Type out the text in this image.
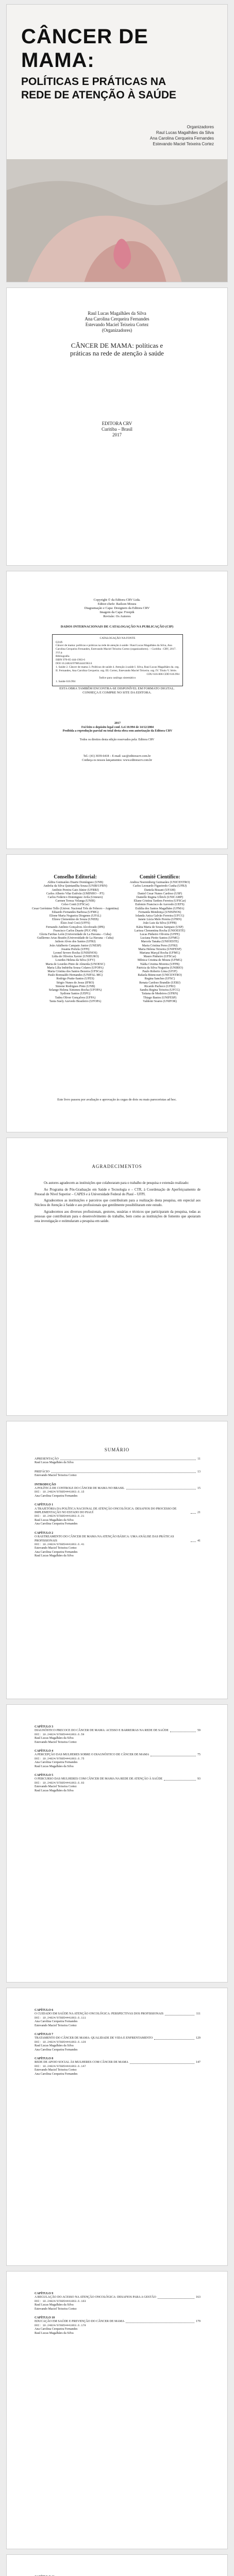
CÂNCER DE
MAMA:
POLÍTICAS E PRÁTICAS NA
REDE DE ATENÇÃO À SAÚDE
Organizadores
Raul Lucas Magalhães da Silva
Ana Carolina Cerqueira Fernandes
Estevando Maciel Teixeira Cortez
Raul Lucas Magalhães da Silva
Ana Carolina Cerqueira Fernandes
Estevando Maciel Teixeira Cortez
(Organizadores)
CÂNCER DE MAMA: políticas e
práticas na rede de atenção à saúde
EDITORA CRV
Curitiba – Brasil
2017
Copyright © da Editora CRV Ltda.
Editor-chefe: Railson Moura
Diagramação e Capa: Designers da Editora CRV
Imagem da Capa: Freepik
Revisão: Os Autores
DADOS INTERNACIONAIS DE CATALOGAÇÃO NA PUBLICAÇÃO (CIP)
CATALOGAÇÃO NA FONTE
C215
Câncer de mama: políticas e práticas na rede de atenção à saúde / Raul Lucas Magalhães da Silva, Ana Carolina Cerqueira Fernandes, Estevando Maciel Teixeira Cortez (organizadores). – Curitiba : CRV, 2017.
212 p.
Bibliografia
ISBN 978-85-444-1963-6
DOI 10.24824/978854441963.6
1. Saúde 2. Câncer de mama 3. Políticas de saúde 4. Atenção à saúde I. Silva, Raul Lucas Magalhães da. org. II. Fernandes, Ana Carolina Cerqueira. org. III. Cortez, Estevando Maciel Teixeira. org. IV. Título V. Série.
CDU 616-006 CDD 616.994
Índice para catálogo sistemático
1. Saúde 616.994
ESTA OBRA TAMBÉM ENCONTRA-SE DISPONÍVEL EM FORMATO DIGITAL.
CONHEÇA E COMPRE NO SITE DA EDITORA.
2017
Foi feito o depósito legal conf. Lei 10.994 de 14/12/2004
Proibida a reprodução parcial ou total desta obra sem autorização da Editora CRV
Todos os direitos desta edição reservados pela: Editora CRV
Tel.: (41) 3039-6418 – E-mail: sac@editoracrv.com.br
Conheça os nossos lançamentos: www.editoracrv.com.br
Conselho Editorial:
Aldira Guimarães Duarte Domínguez (UNB)
Andréia da Silva Quintanilha Sousa (UNIR/UFRN)
Antônio Pereira Gaio Júnior (UFRRJ)
Carlos Alberto Vilar Estêvão (UMINHO – PT)
Carlos Federico Dominguez Avila (Unieuro)
Carmen Tereza Velanga (UNIR)
Celso Conti (UFSCar)
Cesar Gerónimo Tello (Univer. Nacional Três de Febrero – Argentina)
Eduardo Fernandes Barbosa (UFMG)
Elione Maria Nogueira Diogenes (UFAL)
Elizeu Clementino de Souza (UNEB)
Élsio José Corá (UFFS)
Fernando Antônio Gonçalves Alcoforado (IPB)
Francisco Carlos Duarte (PUC-PR)
Gloria Fariñas León (Universidade de La Havana – Cuba)
Guillermo Arias Beatón (Universidade de La Havana – Cuba)
Jailson Alves dos Santos (UFRJ)
João Adalberto Campato Junior (UNESP)
Josania Portela (UFPI)
Leonel Severo Rocha (UNISINOS)
Lídia de Oliveira Xavier (UNIEURO)
Lourdes Helena da Silva (UFV)
Maria de Lourdes Pinto de Almeida (UNOESC)
Maria Lília Imbiriba Sousa Colares (UFOPA)
Maria Cristina dos Santos Bezerra (UFSCar)
Paulo Romualdo Hernandes (UNIFAL-MG)
Rodrigo Pratte-Santos (UFES)
Sérgio Nunes de Jesus (IFRO)
Simone Rodrigues Pinto (UNB)
Solange Helena Ximenes-Rocha (UFOPA)
Sydione Santos (UEPG)
Tadeu Oliver Gonçalves (UFPA)
Tania Suely Azevedo Brasileiro (UFOPA)
Comitê Científico:
Andrea Noeremberg Guimarães (UNICENTRO)
Carlos Leonardo Figueiredo Cunha (UFRJ)
Daniela Bissani (UFAM)
Daniel Cesar Nunes Cardoso (USP)
Danielle Regina Ullrich (UNICAMP)
Eliane Cristina Tardem Ferreira (UFSCar)
Eufemio Francisco de Azevedo (UEFS)
Eulália dos Santos Magalhães (UFMA)
Fernanda Mendonça (UNISINOS)
Iolanda Anica Galvão Ferreira (UFCG)
Janete Lúcia Melo Pereira (UFRN)
João Luiz da Silva (UFPB)
Kátia Maria de Souza Sampaio (USP)
Larissa Clementina Rocha (UNIOESTE)
Lucas Pinheiro Oliveira (UFPE)
Luciana Piotto Santos (UFMG)
Marcela Tanaka (UNIOESTE)
Maria Cristina Peres (UFRJ)
Maria Helena Teixeira (UNIFESP)
Mariana Marçal Rocha (UFMG)
Mauro Pinheiro (UFSCar)
Mônica Cristina de Moura (UFMG)
Nádia Cristina Moreira (UFPB)
Patricia da Silva Nogueira (UNIRIO)
Paulo Roberto Lima (UFJF)
Rafaela Bitencourt (UNICENTRO)
Regina Sanches (UFSC)
Renata Cardoso Brandão (UERJ)
Ricardo Pacheco (UFRJ)
Sandra Regina Teixeira (UFCG)
Tatiana de Medeiros (UFRN)
Thiago Bastos (UNIFESP)
Valdenir Soares (UNIFOR)
Este livro passou por avaliação e aprovação às cegas de dois ou mais pareceristas ad hoc.
AGRADECIMENTOS

Os autores agradecem as instituições que colaboraram para o trabalho de pesquisa e extensão realizado:

Ao Programa de Pós-Graduação em Saúde e Tecnologia e – CTR, à Coordenação de Aperfeiçoamento de Pessoal de Nível Superior – CAPES e à Universidade Federal do Piauí – UFPI.

Agradecemos as instituições e parceiros que contribuíram para a realização desta pesquisa, em especial aos Núcleos de Atenção à Saúde e aos profissionais que gentilmente possibilitaram este estudo.

Agradecemos aos diversos profissionais, gestores, usuárias e técnicos que participaram da pesquisa, todas as pessoas que contribuíram para o desenvolvimento do trabalho, bem como as instituições de fomento que apoiaram esta investigação e estimularam a pesquisa em saúde.

SUMÁRIO
APRESENTAÇÃO	11
Raul Lucas Magalhães da Silva
PREFÁCIO	13
Estevando Maciel Teixeira Cortez
INTRODUÇÃO
A POLÍTICA DE CONTROLE DO CÂNCER DE MAMA NO BRASIL	15
DOI: 10.24824/978854441963.6.15
Ana Carolina Cerqueira Fernandes
CAPÍTULO 1
A TRAJETÓRIA DA POLÍTICA NACIONAL DE ATENÇÃO ONCOLÓGICA: DESAFIOS DO PROCESSO DE IMPLEMENTAÇÃO NO ESTADO DO PIAUÍ	21
DOI: 10.24824/978854441963.6.21
Raul Lucas Magalhães da Silva
Ana Carolina Cerqueira Fernandes
CAPÍTULO 2
O RASTREAMENTO DO CÂNCER DE MAMA NA ATENÇÃO BÁSICA: UMA ANÁLISE DAS PRÁTICAS PROFISSIONAIS	41
DOI: 10.24824/978854441963.6.41
Estevando Maciel Teixeira Cortez
Ana Carolina Cerqueira Fernandes
Raul Lucas Magalhães da Silva
CAPÍTULO 3
DIAGNÓSTICO PRECOCE DO CÂNCER DE MAMA: ACESSO E BARREIRAS NA REDE DE SAÚDE	59
DOI: 10.24824/978854441963.6.59
Raul Lucas Magalhães da Silva
Estevando Maciel Teixeira Cortez
CAPÍTULO 4
A PERCEPÇÃO DAS MULHERES SOBRE O DIAGNÓSTICO DE CÂNCER DE MAMA	75
DOI: 10.24824/978854441963.6.75
Ana Carolina Cerqueira Fernandes
Raul Lucas Magalhães da Silva
CAPÍTULO 5
O PERCURSO DAS MULHERES COM CÂNCER DE MAMA NA REDE DE ATENÇÃO À SAÚDE	93
DOI: 10.24824/978854441963.6.93
Estevando Maciel Teixeira Cortez
Raul Lucas Magalhães da Silva
CAPÍTULO 6
O CUIDADO EM SAÚDE NA ATENÇÃO ONCOLÓGICA: PERSPECTIVAS DOS PROFISSIONAIS	111
DOI: 10.24824/978854441963.6.111
Ana Carolina Cerqueira Fernandes
Estevando Maciel Teixeira Cortez
CAPÍTULO 7
TRATAMENTO DO CÂNCER DE MAMA: QUALIDADE DE VIDA E ENFRENTAMENTO	129
DOI: 10.24824/978854441963.6.129
Raul Lucas Magalhães da Silva
Ana Carolina Cerqueira Fernandes
CAPÍTULO 8
REDE DE APOIO SOCIAL ÀS MULHERES COM CÂNCER DE MAMA	147
DOI: 10.24824/978854441963.6.147
Estevando Maciel Teixeira Cortez
Ana Carolina Cerqueira Fernandes
CAPÍTULO 9
A REGULAÇÃO DO ACESSO NA ATENÇÃO ONCOLÓGICA: DESAFIOS PARA A GESTÃO	163
DOI: 10.24824/978854441963.6.163
Raul Lucas Magalhães da Silva
Estevando Maciel Teixeira Cortez
CAPÍTULO 10
EDUCAÇÃO EM SAÚDE E PREVENÇÃO DO CÂNCER DE MAMA	179
DOI: 10.24824/978854441963.6.179
Ana Carolina Cerqueira Fernandes
Raul Lucas Magalhães da Silva
